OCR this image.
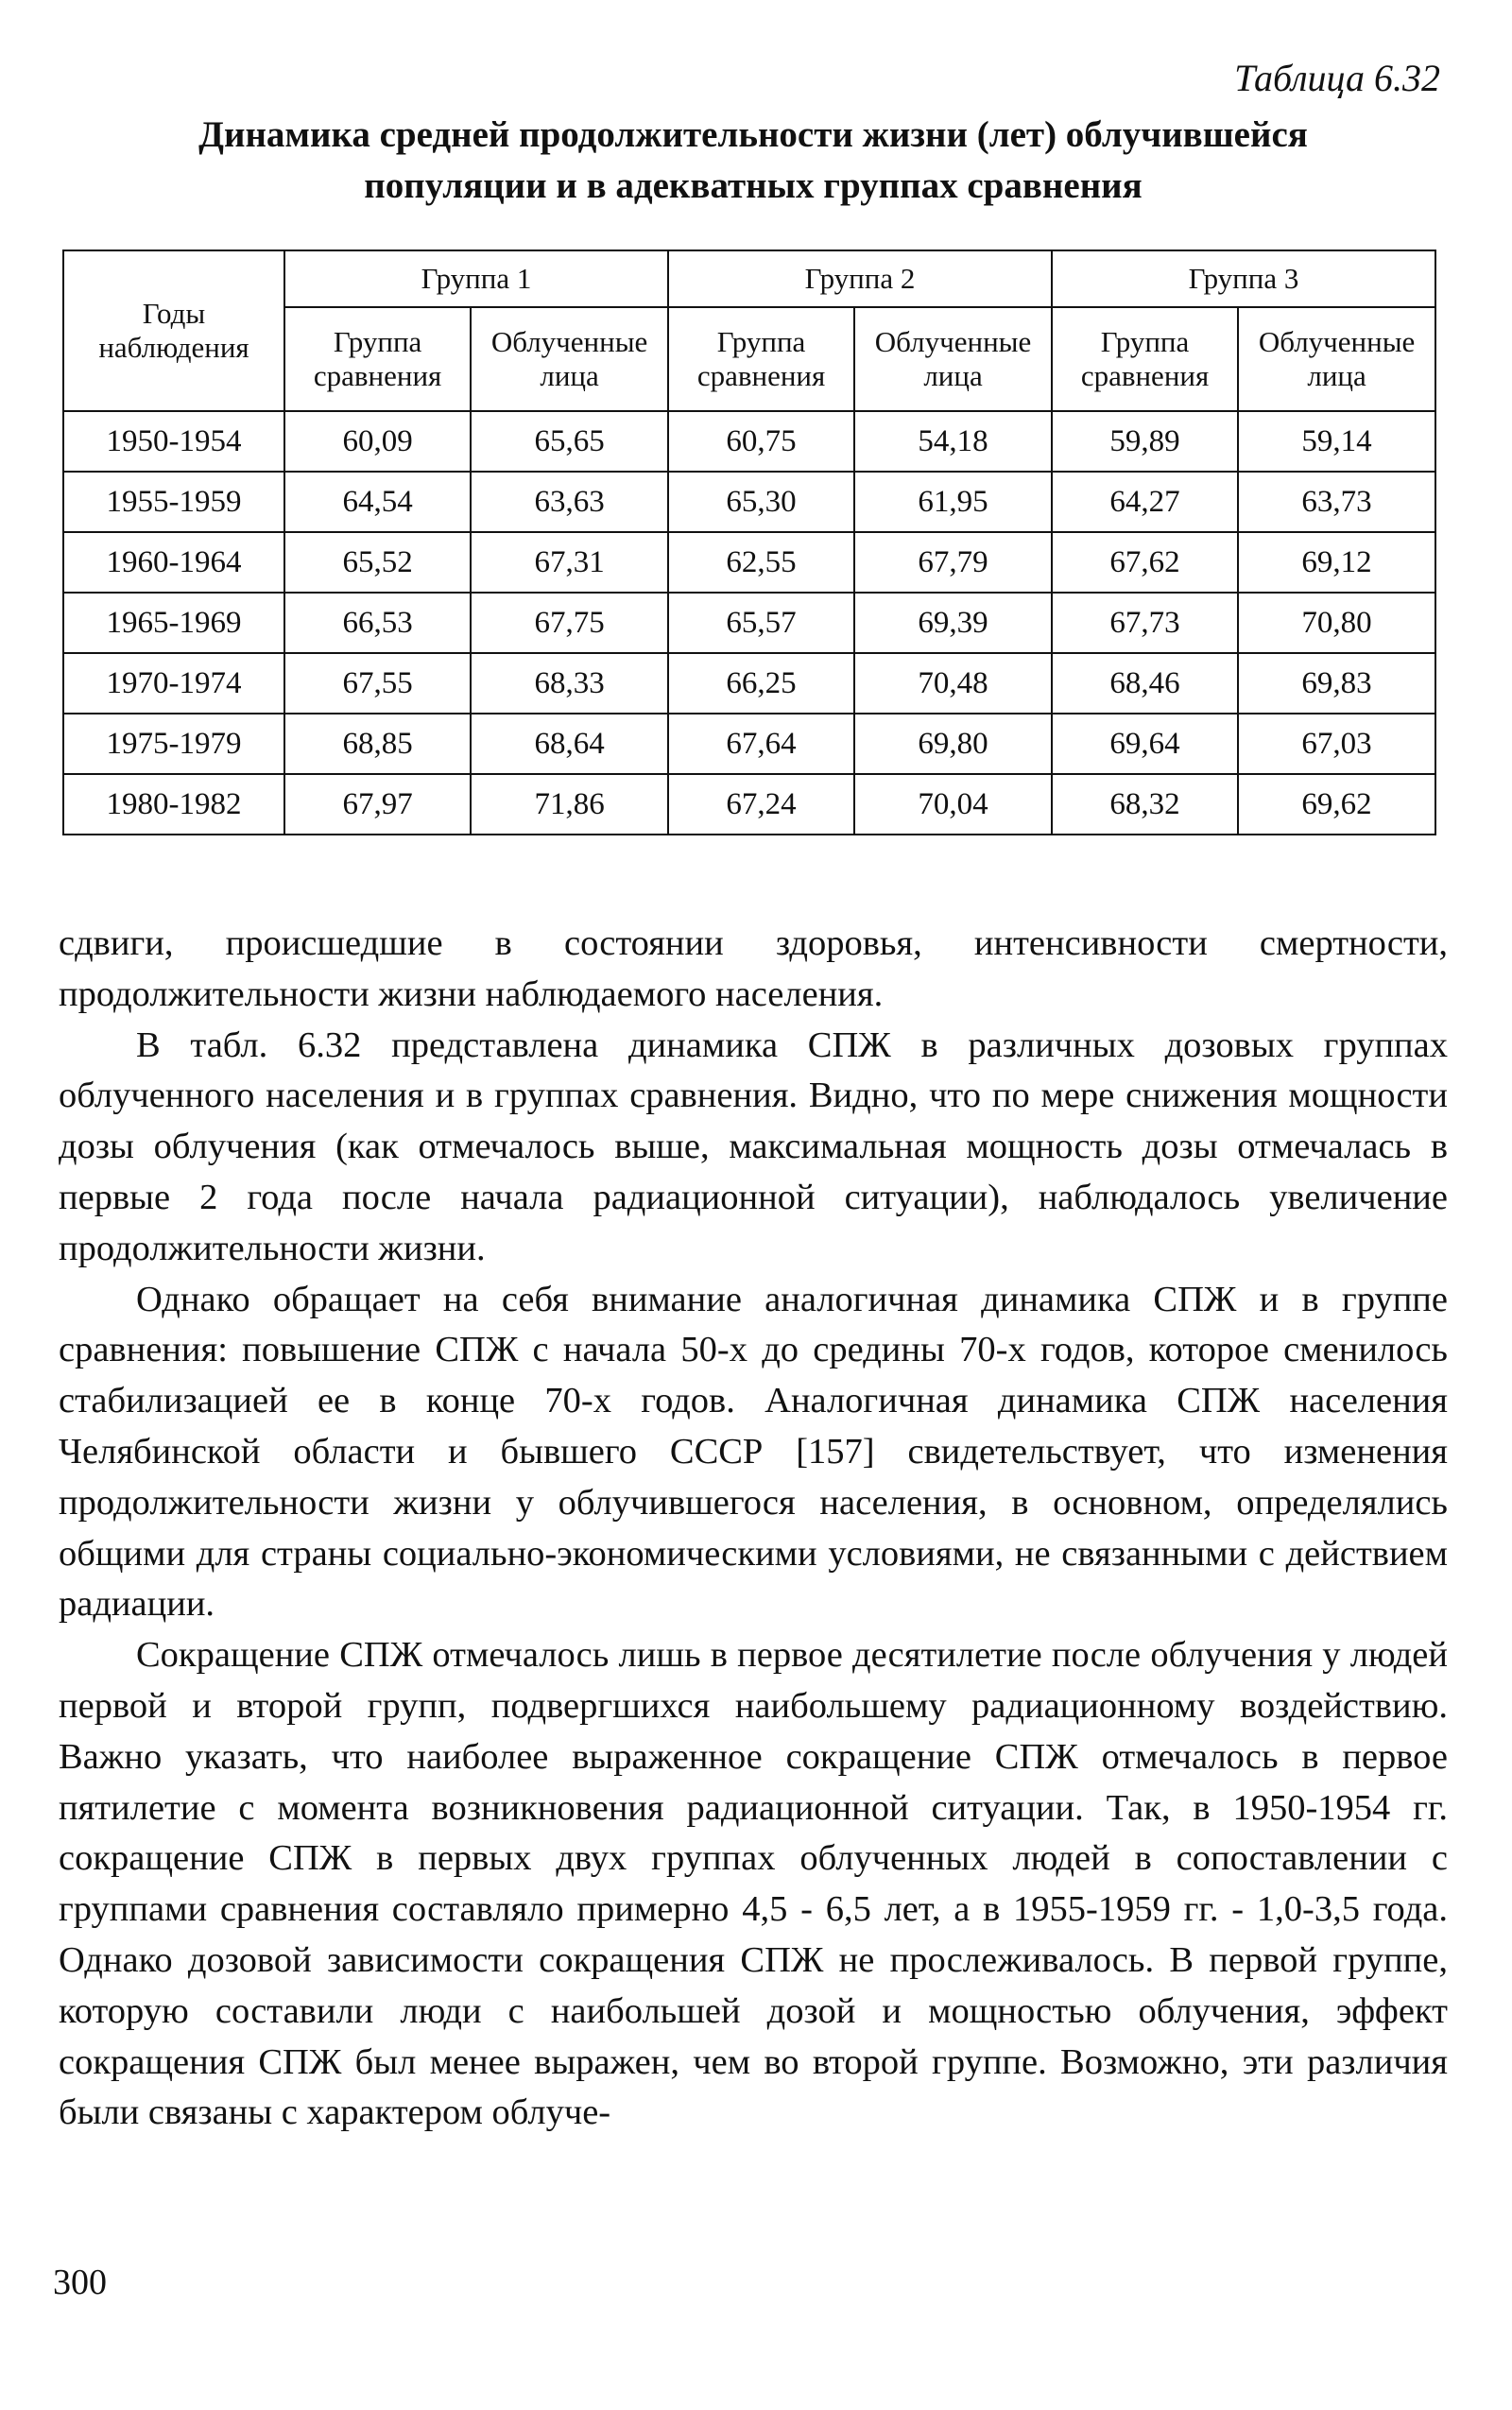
Таблица 6.32
Динамика средней продолжительности жизни (лет) облучившейся
популяции и в адекватных группах сравнения
Годы наблюдения	Группа 1		Группа 2		Группа 3	
	Группа сравнения	Облученные лица	Группа сравнения	Облученные лица	Группа сравнения	Облученные лица
1950-1954	60,09	65,65	60,75	54,18	59,89	59,14
1955-1959	64,54	63,63	65,30	61,95	64,27	63,73
1960-1964	65,52	67,31	62,55	67,79	67,62	69,12
1965-1969	66,53	67,75	65,57	69,39	67,73	70,80
1970-1974	67,55	68,33	66,25	70,48	68,46	69,83
1975-1979	68,85	68,64	67,64	69,80	69,64	67,03
1980-1982	67,97	71,86	67,24	70,04	68,32	69,62

сдвиги, происшедшие в состоянии здоровья, интенсивности смертности, продолжительности жизни наблюдаемого населения.

В табл. 6.32 представлена динамика СПЖ в различных дозовых группах облученного населения и в группах сравнения. Видно, что по мере снижения мощности дозы облучения (как отмечалось выше, максимальная мощность дозы отмечалась в первые 2 года после начала радиационной ситуации), наблюдалось увеличение продолжительности жизни.

Однако обращает на себя внимание аналогичная динамика СПЖ и в группе сравнения: повышение СПЖ с начала 50-х до средины 70-х годов, которое сменилось стабилизацией ее в конце 70-х годов. Аналогичная динамика СПЖ населения Челябинской области и бывшего СССР [157] свидетельствует, что изменения продолжительности жизни у облучившегося населения, в основном, определялись общими для страны социально-экономическими условиями, не связанными с действием радиации.

Сокращение СПЖ отмечалось лишь в первое десятилетие после облучения у людей первой и второй групп, подвергшихся наибольшему радиационному воздействию. Важно указать, что наиболее выраженное сокращение СПЖ отмечалось в первое пятилетие с момента возникновения радиационной ситуации. Так, в 1950-1954 гг. сокращение СПЖ в первых двух группах облученных людей в сопоставлении с группами сравнения составляло примерно 4,5 - 6,5 лет, а в 1955-1959 гг. - 1,0-3,5 года. Однако дозовой зависимости сокращения СПЖ не прослеживалось. В первой группе, которую составили люди с наибольшей дозой и мощностью облучения, эффект сокращения СПЖ был менее выражен, чем во второй группе. Возможно, эти различия были связаны с характером облуче-

300
